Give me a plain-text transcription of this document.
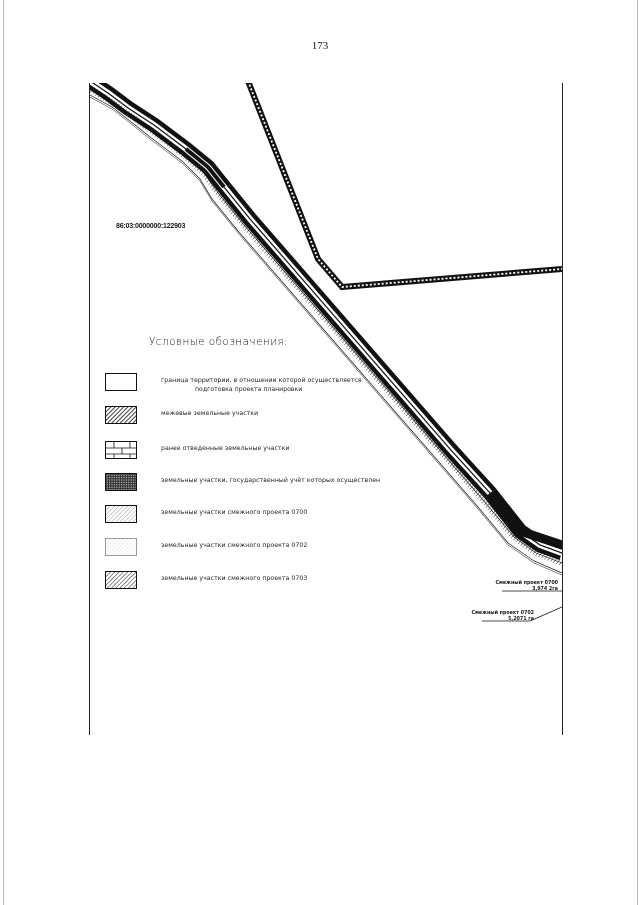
173
86:03:0000000:122903
Условные обозначения:
граница территории, в отношении которой осуществляется
подготовка проекта планировки
межевые земельные участки
ранее отведенные земельные участки
земельные участки, государственный учёт которых осуществлен
земельные участки смежного проекта 0700
земельные участки смежного проекта 0702
земельные участки смежного проекта 0703
Смежный проект 0700
3,974 2га
Смежный проект 0702
5,2071 га
